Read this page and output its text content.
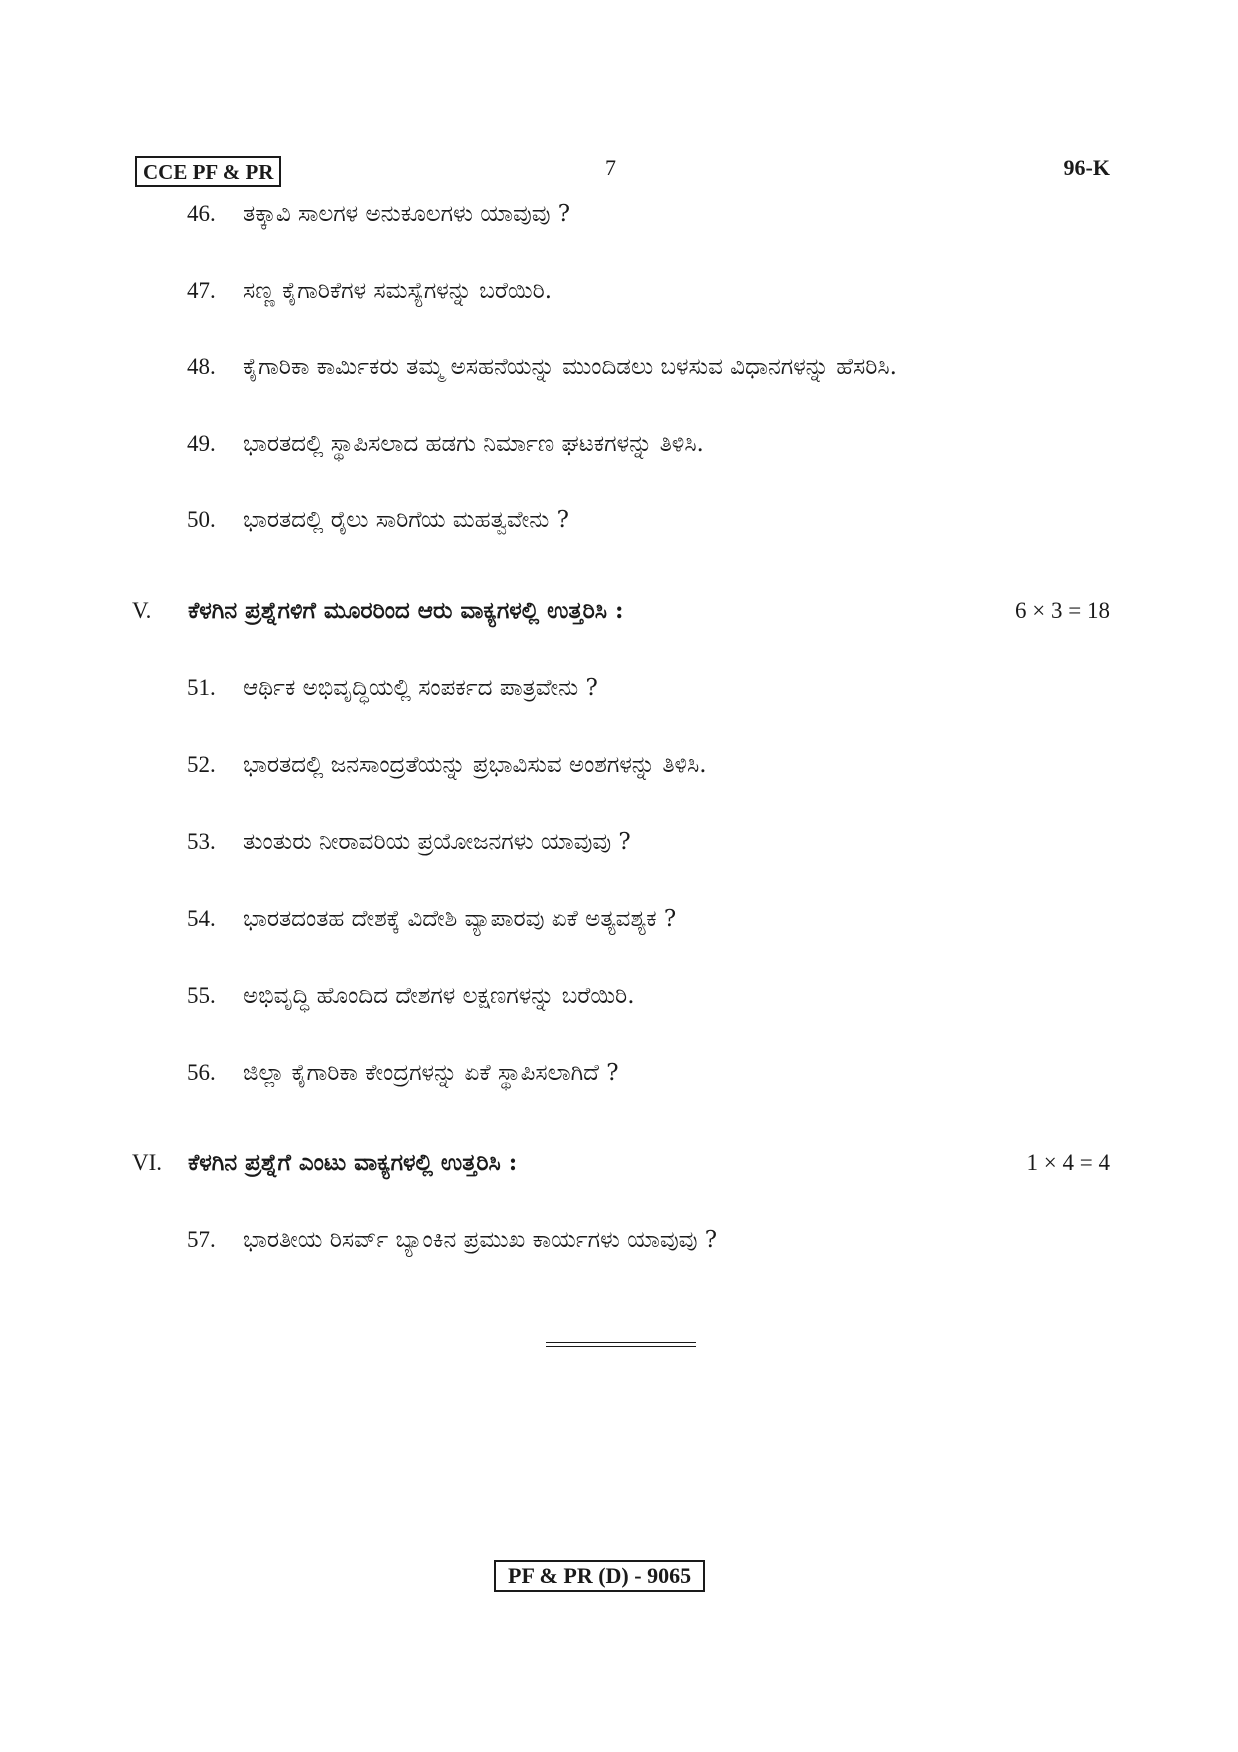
CCE PF & PR	7	96-K
46. ತಕ್ಕಾವಿ ಸಾಲಗಳ ಅನುಕೂಲಗಳು ಯಾವುವು ?
47. ಸಣ್ಣ ಕೈಗಾರಿಕೆಗಳ ಸಮಸ್ಯೆಗಳನ್ನು ಬರೆಯಿರಿ.
48. ಕೈಗಾರಿಕಾ ಕಾರ್ಮಿಕರು ತಮ್ಮ ಅಸಹನೆಯನ್ನು ಮುಂದಿಡಲು ಬಳಸುವ ವಿಧಾನಗಳನ್ನು ಹೆಸರಿಸಿ.
49. ಭಾರತದಲ್ಲಿ ಸ್ಥಾಪಿಸಲಾದ ಹಡಗು ನಿರ್ಮಾಣ ಘಟಕಗಳನ್ನು ತಿಳಿಸಿ.
50. ಭಾರತದಲ್ಲಿ ರೈಲು ಸಾರಿಗೆಯ ಮಹತ್ವವೇನು ?
V. ಕೆಳಗಿನ ಪ್ರಶ್ನೆಗಳಿಗೆ ಮೂರರಿಂದ ಆರು ವಾಕ್ಯಗಳಲ್ಲಿ ಉತ್ತರಿಸಿ :	6 × 3 = 18
51. ಆರ್ಥಿಕ ಅಭಿವೃದ್ಧಿಯಲ್ಲಿ ಸಂಪರ್ಕದ ಪಾತ್ರವೇನು ?
52. ಭಾರತದಲ್ಲಿ ಜನಸಾಂದ್ರತೆಯನ್ನು ಪ್ರಭಾವಿಸುವ ಅಂಶಗಳನ್ನು ತಿಳಿಸಿ.
53. ತುಂತುರು ನೀರಾವರಿಯ ಪ್ರಯೋಜನಗಳು ಯಾವುವು ?
54. ಭಾರತದಂತಹ ದೇಶಕ್ಕೆ ವಿದೇಶಿ ವ್ಯಾಪಾರವು ಏಕೆ ಅತ್ಯವಶ್ಯಕ ?
55. ಅಭಿವೃದ್ಧಿ ಹೊಂದಿದ ದೇಶಗಳ ಲಕ್ಷಣಗಳನ್ನು ಬರೆಯಿರಿ.
56. ಜಿಲ್ಲಾ ಕೈಗಾರಿಕಾ ಕೇಂದ್ರಗಳನ್ನು ಏಕೆ ಸ್ಥಾಪಿಸಲಾಗಿದೆ ?
VI. ಕೆಳಗಿನ ಪ್ರಶ್ನೆಗೆ ಎಂಟು ವಾಕ್ಯಗಳಲ್ಲಿ ಉತ್ತರಿಸಿ :	1 × 4 = 4
57. ಭಾರತೀಯ ರಿಸರ್ವ್ ಬ್ಯಾಂಕಿನ ಪ್ರಮುಖ ಕಾರ್ಯಗಳು ಯಾವುವು ?
PF & PR (D) - 9065
